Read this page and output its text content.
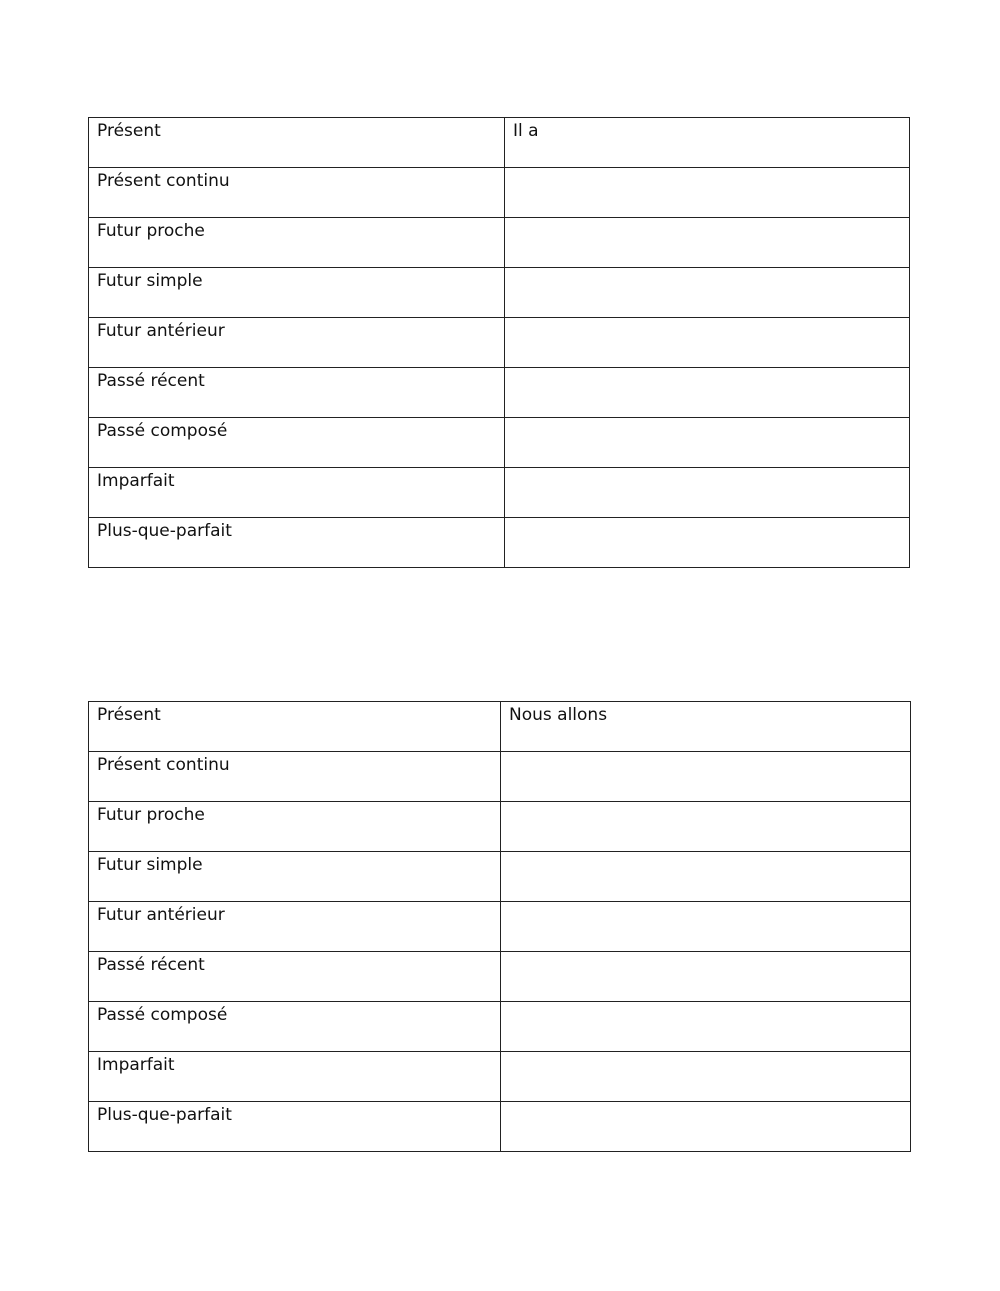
Présent	Il a

Présent continu	

Futur proche	

Futur simple	

Futur antérieur	

Passé récent	

Passé composé	

Imparfait	

Plus-que-parfait	

Présent	Nous allons

Présent continu	

Futur proche	

Futur simple	

Futur antérieur	

Passé récent	

Passé composé	

Imparfait	

Plus-que-parfait	
